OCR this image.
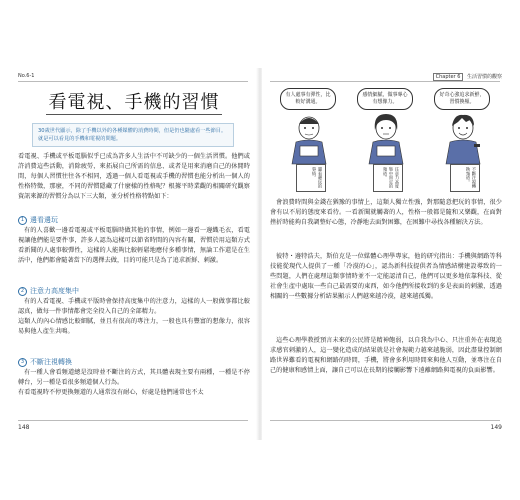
No.6-1
看電視、手機的習慣
30歲世代顯示，除了手機以外的各種媒體的消費時間，但是仍也隨處看一些節目。就是可以看見的手機和電視的問題。
看電視、手機或平板電腦似乎已成為許多人生活中不可缺少的一個生活習慣。他們或許消費這些活動，消除疲勞，來拓展自己所需的信息、或者是用來消磨自己的休閒時間，每個人習慣往往各不相同，透過一個人看電視或手機的習慣也能分析出一個人的性格特徵，那麼，不同的習慣隱藏了什麼樣的性格呢？根據平時業觀的相關研究觀察資訊來源的習慣分為以下三大類，並分析性格特點如下：
1 邊看邊玩
有的人喜歡一邊看電視或平板電腦時做其他的事情，例如一邊看一邊織毛衣，看電視讓他們能是要件事，許多人認為這樣可以節省時間的內容有關，習慣於用這類方式看新聞的人處事較彈性，這樣的人能夠比較輕鬆地應付多種事情，無論工作還是在生活中，他們都會隨著當下的選擇去做，目的可能只是為了追求新鮮、刺激。
2 注意力高度集中
有的人看電視、手機或平版時會保持高度集中的注意力，這樣的人一般做事都比較認真，做每一件事情都會完全投入自己的全部精力。
這類人的內心情感比較細膩，並且有很高的專注力，一般也具有豐富的想像力，很容易與他人產生共鳴。
3 不斷注視轉換
有一種人會看頻道總是沒時並不斷注的方式，其具體表現主要有兩種，一種是不停轉台，另一種是看很多頻道個人行為。
有看電視時不停更換頻道的人通常沒有耐心，好處是他們通常也不太
148
Chapter 6 生活習慣的觀察
有人處事有彈性，比較好溝通。
邊看邊玩的事情。
感情細膩，做事專心有想像力。
注意力高度集中固定的頻道。
好奇心強追求新鮮，習慣換頻。
不斷注視轉換頻道。
會浪費時間與金錢在猶豫的事情上，這類人獨立性強，對那隨意把玩的事情，很少會有以不屑的態度來看待。一看新聞就觸著的人，性格一般都是隨和又樂觀，在面對挫折時能夠自我調整好心態，冷靜地去面對困難，在困難中尋找各種解決方法。
彼特・邊特浩夫，斯伯克是一位媒體心理學專家，他的研究指出：手機與網路等科技能從現代人提供了一種「冷漠的心」，認為新科技提供者為情感結構建設導致的一些問題，人們在處理這類事情時並不一定能認清自己，他們可以更多地依靠科技、從社會生產中處取一些自己最需要的東西，如今他們所接收到的多是表面的刺激，透過相關的一些數據分析結果顯示人們越來越冷漠，越來越孤獨。
這些心理學教授預言未來的公民將是精神飽弱，以自我為中心、只注重外在表現追求感官刺激的人，這一變化造成的結果就是社會規範力越來越脆弱，因此盡量控制網路世界難看的電視和網路的時間，手機，將會多利用時間來與他人互動，並專注在自己的健康和感情上面，讓自己可以在長期的接觸影響下遠離網路與電視的負面影響。
149
